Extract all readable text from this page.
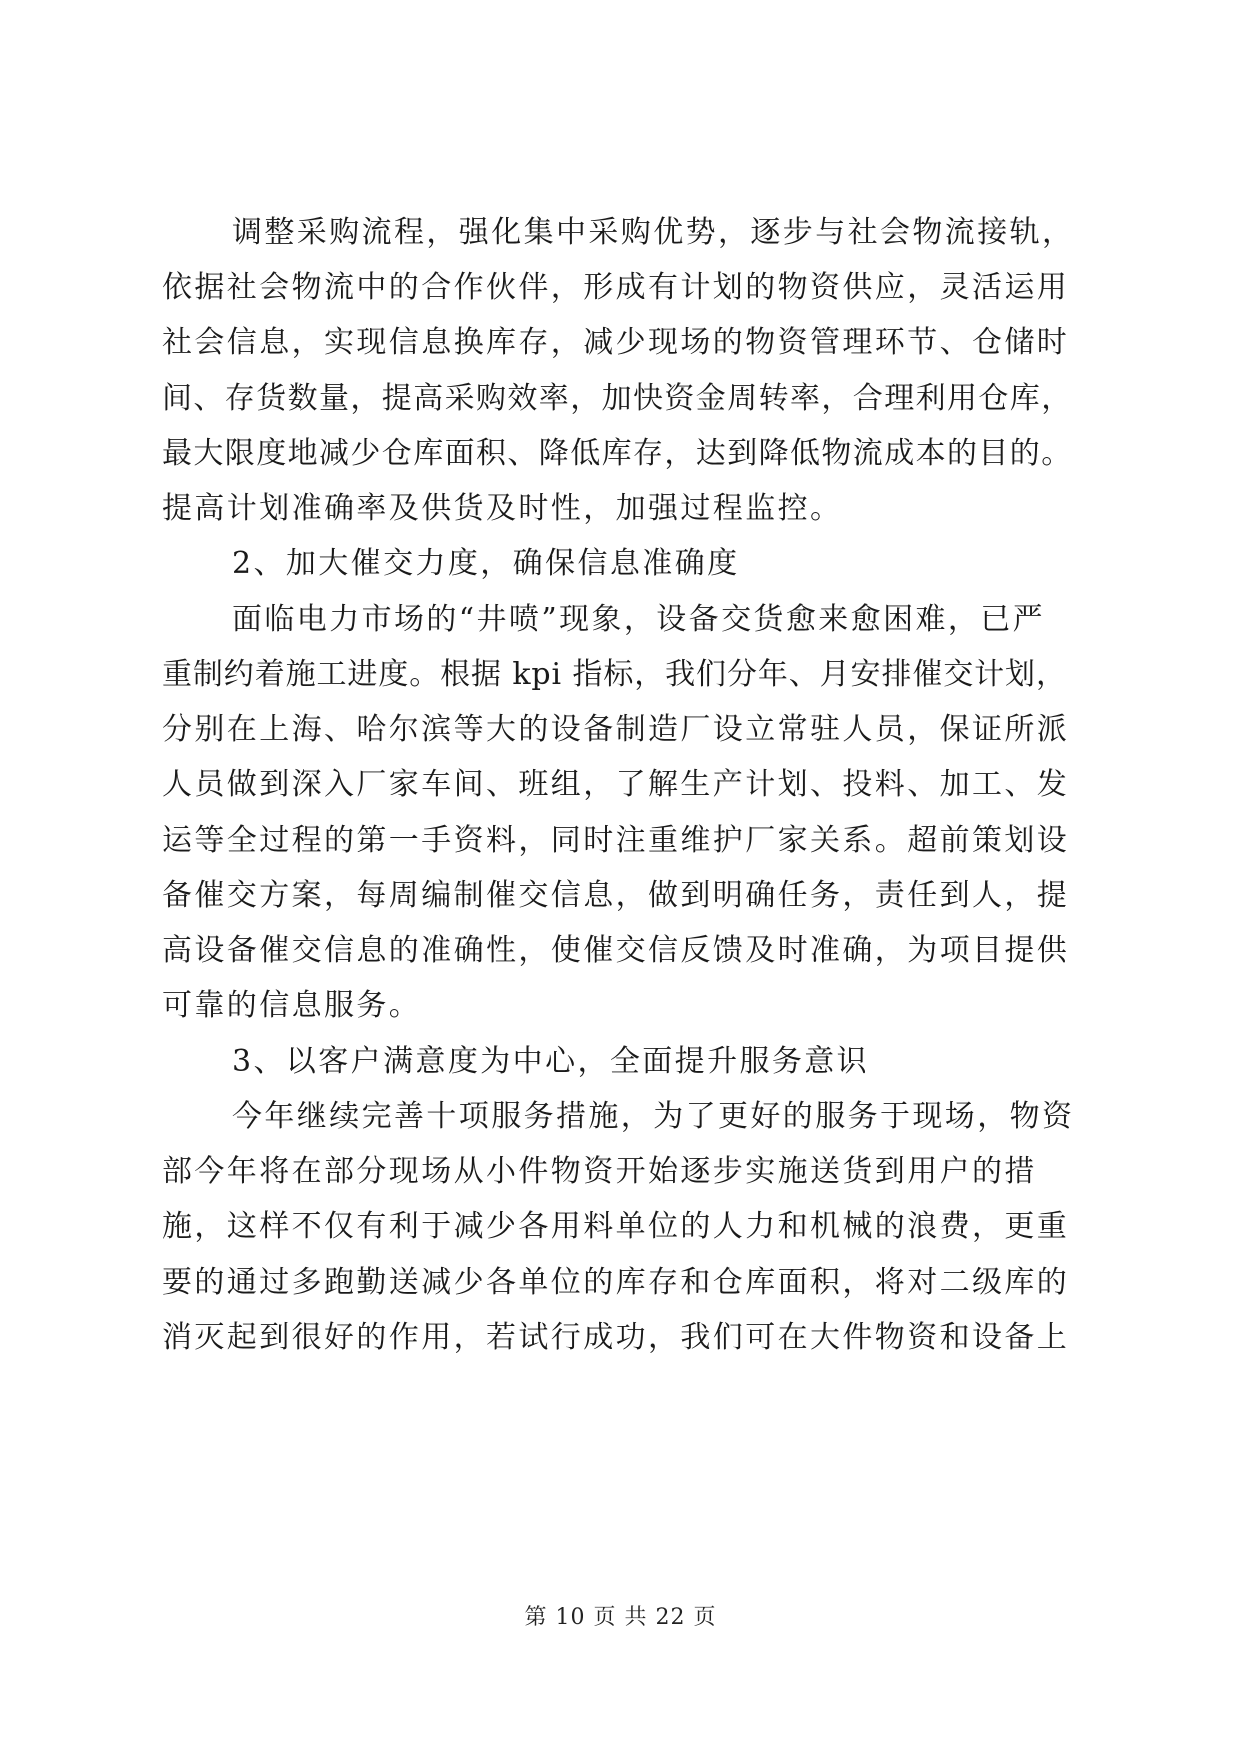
调整采购流程，强化集中采购优势，逐步与社会物流接轨，
依据社会物流中的合作伙伴，形成有计划的物资供应，灵活运用
社会信息，实现信息换库存，减少现场的物资管理环节、仓储时
间、存货数量，提高采购效率，加快资金周转率，合理利用仓库，
最大限度地减少仓库面积、降低库存，达到降低物流成本的目的。
提高计划准确率及供货及时性，加强过程监控。
2、加大催交力度，确保信息准确度
面临电力市场的“井喷”现象，设备交货愈来愈困难，已严
重制约着施工进度。根据 kpi 指标，我们分年、月安排催交计划，
分别在上海、哈尔滨等大的设备制造厂设立常驻人员，保证所派
人员做到深入厂家车间、班组，了解生产计划、投料、加工、发
运等全过程的第一手资料，同时注重维护厂家关系。超前策划设
备催交方案，每周编制催交信息，做到明确任务，责任到人，提
高设备催交信息的准确性，使催交信反馈及时准确，为项目提供
可靠的信息服务。
3、以客户满意度为中心，全面提升服务意识
今年继续完善十项服务措施，为了更好的服务于现场，物资
部今年将在部分现场从小件物资开始逐步实施送货到用户的措
施，这样不仅有利于减少各用料单位的人力和机械的浪费，更重
要的通过多跑勤送减少各单位的库存和仓库面积，将对二级库的
消灭起到很好的作用，若试行成功，我们可在大件物资和设备上
第 10 页 共 22 页
